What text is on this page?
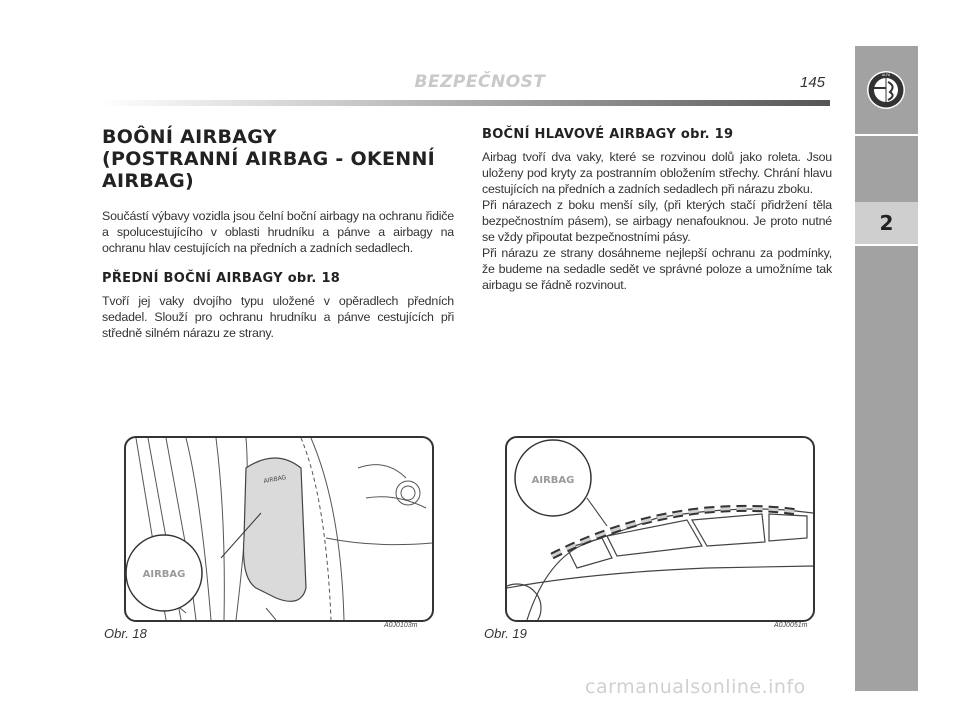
BEZPEČNOST	145	ALFA
2
BOÔNÍ AIRBAGY
(POSTRANNÍ AIRBAG - OKENNÍ
AIRBAG)

Součástí výbavy vozidla jsou čelní boční airbagy na ochranu řidiče a spolucestujícího v oblasti hrudníku a pánve a airbagy na ochranu hlav cestujících na předních a zadních sedadlech.

PŘEDNÍ BOČNÍ AIRBAGY obr. 18

Tvoří jej vaky dvojího typu uložené v opěradlech předních sedadel. Slouží pro ochranu hrudníku a pánve cestujících při středně silném nárazu ze strany.

BOČNÍ HLAVOVÉ AIRBAGY obr. 19

Airbag tvoří dva vaky, které se rozvinou dolů jako roleta. Jsou uloženy pod kryty za postranním obložením střechy. Chrání hlavu cestujících na předních a zadních sedadlech při nárazu zboku.

Při nárazech z boku menší síly, (při kterých stačí přidržení těla bezpečnostním pásem), se airbagy nenafouknou. Je proto nutné se vždy připoutat bezpečnostními pásy.

Při nárazu ze strany dosáhneme nejlepší ochranu za podmínky, že budeme na sedadle sedět ve správné poloze a umožníme tak airbagu se řádně rozvinout.

AIRBAG
AIRBAG
Obr. 18
A0J0103m
AIRBAG
Obr. 19
A0J0051m
carmanualsonline.info
